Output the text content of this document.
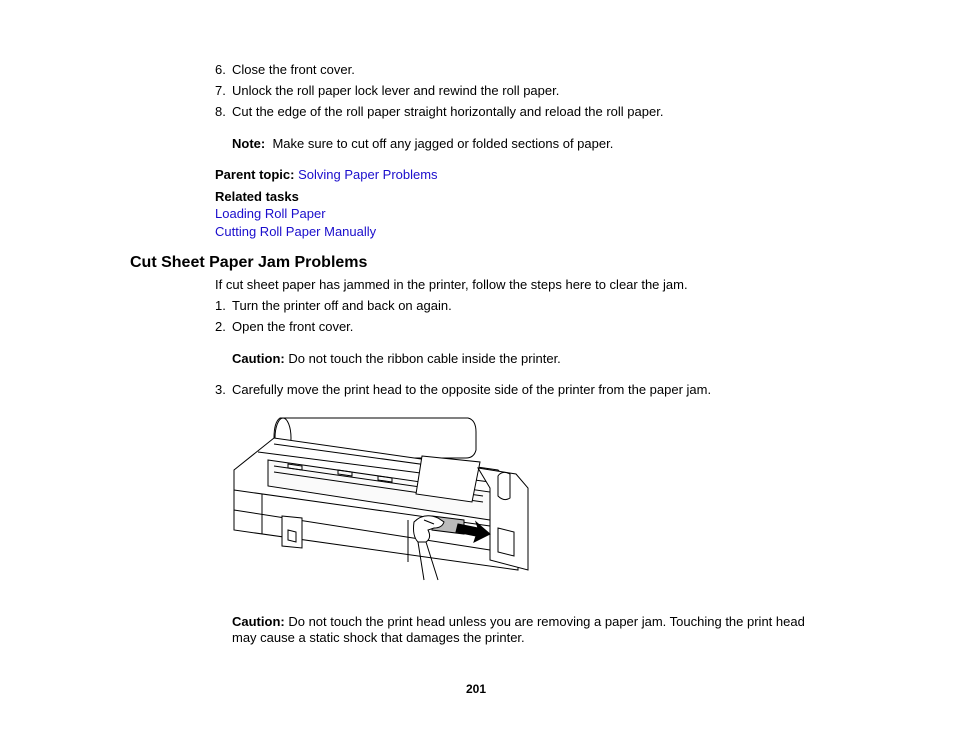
6. Close the front cover.
7. Unlock the roll paper lock lever and rewind the roll paper.
8. Cut the edge of the roll paper straight horizontally and reload the roll paper.
Note: Make sure to cut off any jagged or folded sections of paper.
Parent topic: Solving Paper Problems
Related tasks
Loading Roll Paper
Cutting Roll Paper Manually
Cut Sheet Paper Jam Problems
If cut sheet paper has jammed in the printer, follow the steps here to clear the jam.
1. Turn the printer off and back on again.
2. Open the front cover.
Caution: Do not touch the ribbon cable inside the printer.
3. Carefully move the print head to the opposite side of the printer from the paper jam.
Caution: Do not touch the print head unless you are removing a paper jam. Touching the print head may cause a static shock that damages the printer.
201
